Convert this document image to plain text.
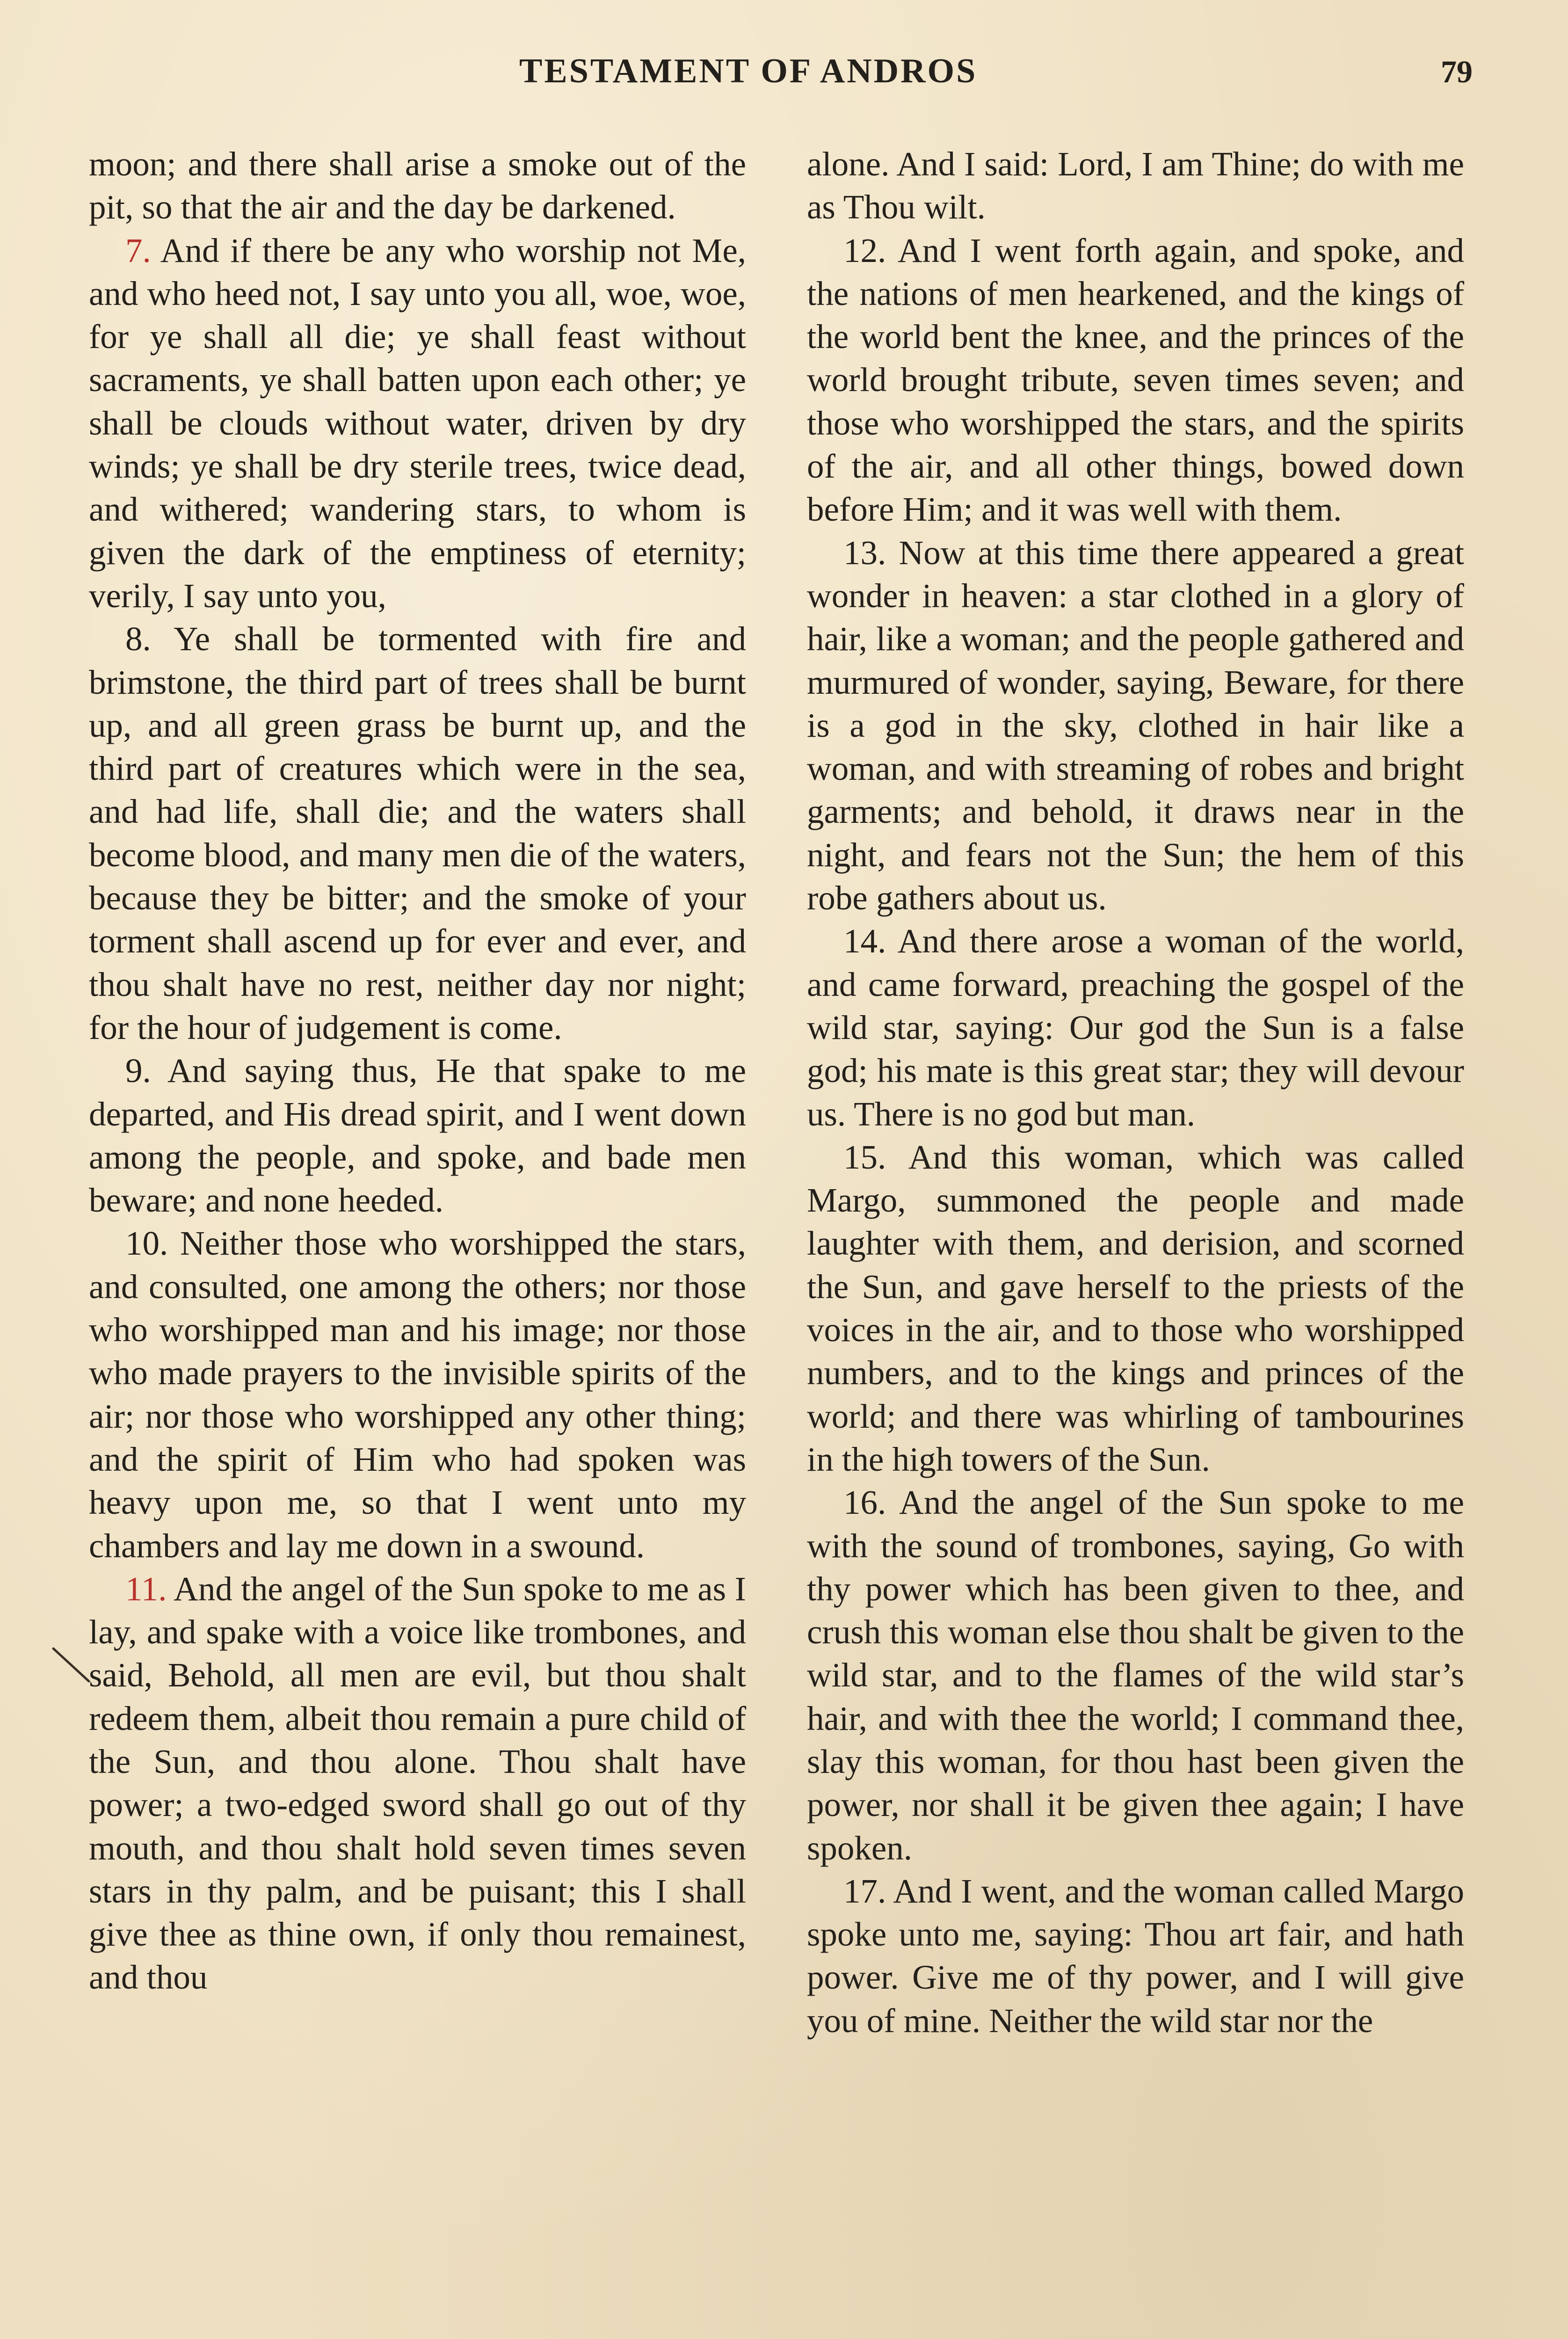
TESTAMENT OF ANDROS	79

moon; and there shall arise a smoke out of the pit, so that the air and the day be darkened.

7. And if there be any who worship not Me, and who heed not, I say unto you all, woe, woe, for ye shall all die; ye shall feast without sacraments, ye shall batten upon each other; ye shall be clouds without water, driven by dry winds; ye shall be dry sterile trees, twice dead, and withered; wandering stars, to whom is given the dark of the emptiness of eternity; verily, I say unto you,

8. Ye shall be tormented with fire and brimstone, the third part of trees shall be burnt up, and all green grass be burnt up, and the third part of creatures which were in the sea, and had life, shall die; and the waters shall become blood, and many men die of the waters, because they be bitter; and the smoke of your torment shall ascend up for ever and ever, and thou shalt have no rest, neither day nor night; for the hour of judgement is come.

9. And saying thus, He that spake to me departed, and His dread spirit, and I went down among the people, and spoke, and bade men beware; and none heeded.

10. Neither those who worshipped the stars, and consulted, one among the others; nor those who worshipped man and his image; nor those who made prayers to the invisible spirits of the air; nor those who worshipped any other thing; and the spirit of Him who had spoken was heavy upon me, so that I went unto my chambers and lay me down in a swound.

11. And the angel of the Sun spoke to me as I lay, and spake with a voice like trombones, and said, Behold, all men are evil, but thou shalt redeem them, albeit thou remain a pure child of the Sun, and thou alone. Thou shalt have power; a two-edged sword shall go out of thy mouth, and thou shalt hold seven times seven stars in thy palm, and be puisant; this I shall give thee as thine own, if only thou remainest, and thou

alone. And I said: Lord, I am Thine; do with me as Thou wilt.

12. And I went forth again, and spoke, and the nations of men hearkened, and the kings of the world bent the knee, and the princes of the world brought tribute, seven times seven; and those who worshipped the stars, and the spirits of the air, and all other things, bowed down before Him; and it was well with them.

13. Now at this time there appeared a great wonder in heaven: a star clothed in a glory of hair, like a woman; and the people gathered and murmured of wonder, saying, Beware, for there is a god in the sky, clothed in hair like a woman, and with streaming of robes and bright garments; and behold, it draws near in the night, and fears not the Sun; the hem of this robe gathers about us.

14. And there arose a woman of the world, and came forward, preaching the gospel of the wild star, saying: Our god the Sun is a false god; his mate is this great star; they will devour us. There is no god but man.

15. And this woman, which was called Margo, summoned the people and made laughter with them, and derision, and scorned the Sun, and gave herself to the priests of the voices in the air, and to those who worshipped numbers, and to the kings and princes of the world; and there was whirling of tambourines in the high towers of the Sun.

16. And the angel of the Sun spoke to me with the sound of trombones, saying, Go with thy power which has been given to thee, and crush this woman else thou shalt be given to the wild star, and to the flames of the wild star’s hair, and with thee the world; I command thee, slay this woman, for thou hast been given the power, nor shall it be given thee again; I have spoken.

17. And I went, and the woman called Margo spoke unto me, saying: Thou art fair, and hath power. Give me of thy power, and I will give you of mine. Neither the wild star nor the
